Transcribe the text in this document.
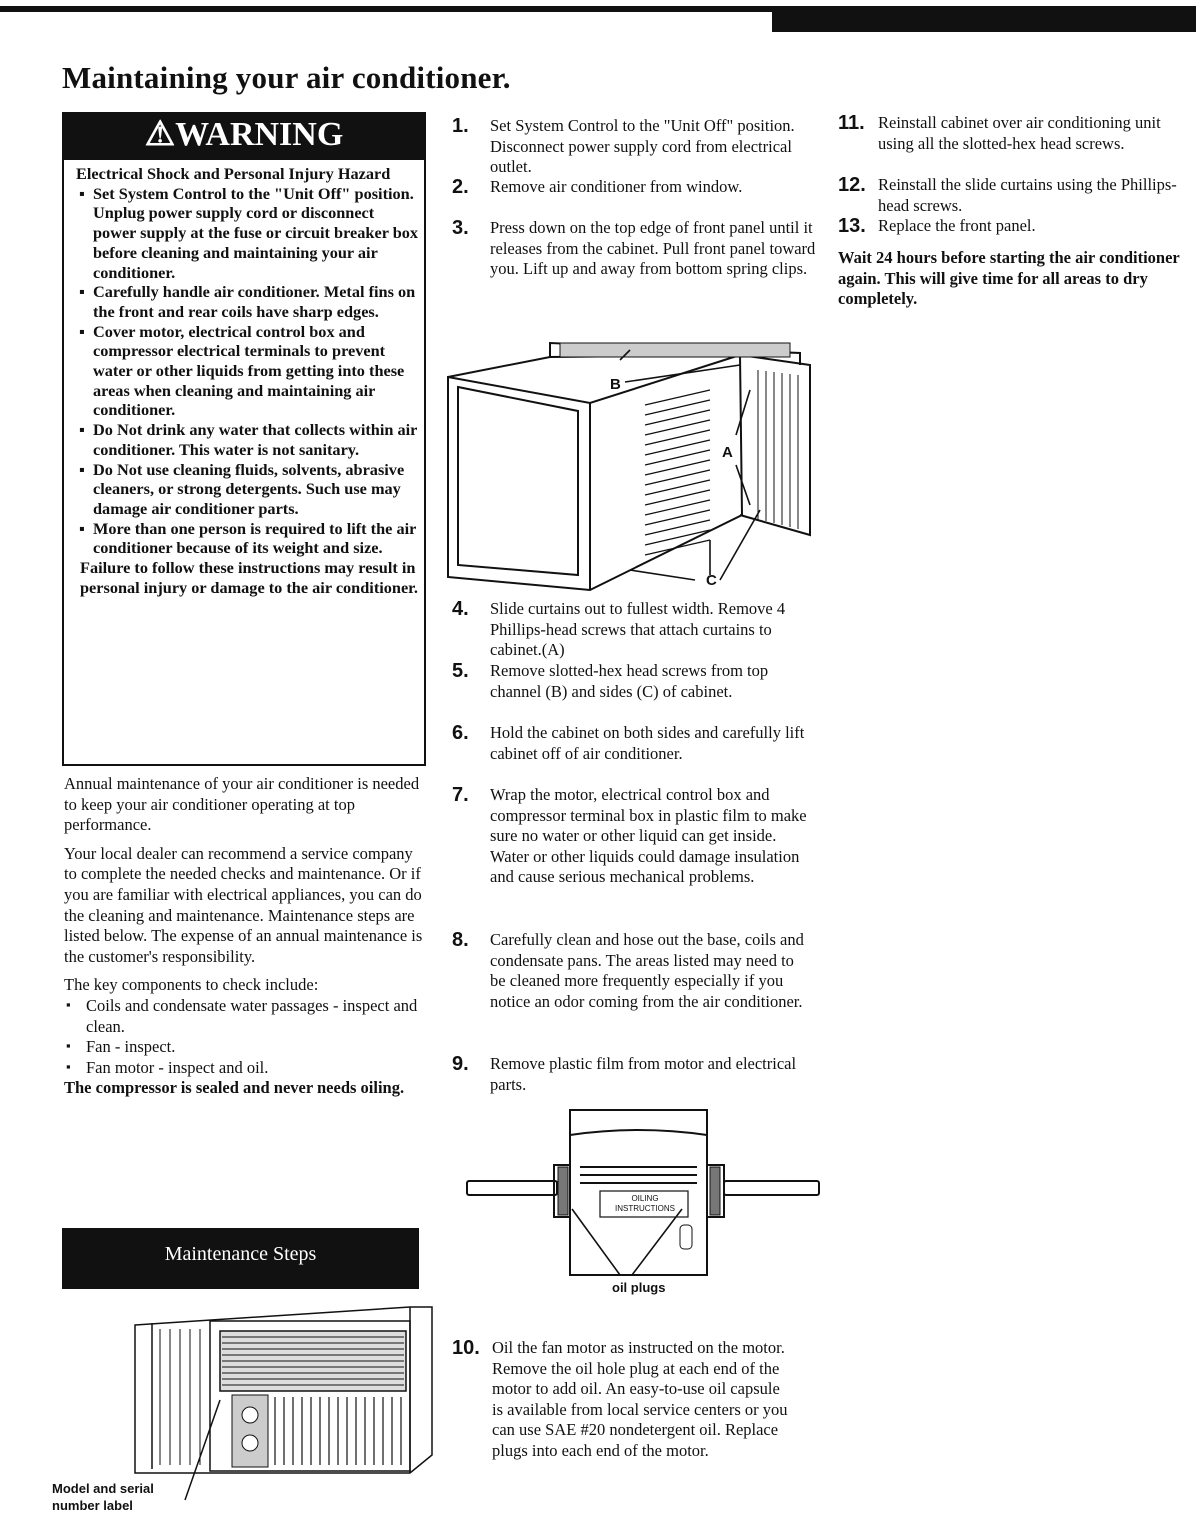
Maintaining your air conditioner.
⚠WARNING

Electrical Shock and Personal Injury Hazard

▪ Set System Control to the "Unit Off" position. Unplug power supply cord or disconnect power supply at the fuse or circuit breaker box before cleaning and maintaining your air conditioner.
▪ Carefully handle air conditioner. Metal fins on the front and rear coils have sharp edges.
▪ Cover motor, electrical control box and compressor electrical terminals to prevent water or other liquids from getting into these areas when cleaning and maintaining air conditioner.
▪ Do Not drink any water that collects within air conditioner. This water is not sanitary.
▪ Do Not use cleaning fluids, solvents, abrasive cleaners, or strong detergents. Such use may damage air conditioner parts.
▪ More than one person is required to lift the air conditioner because of its weight and size.

Failure to follow these instructions may result in personal injury or damage to the air conditioner.

Annual maintenance of your air conditioner is needed to keep your air conditioner operating at top performance.

Your local dealer can recommend a service company to complete the needed checks and maintenance. Or if you are familiar with electrical appliances, you can do the cleaning and maintenance. Maintenance steps are listed below. The expense of an annual maintenance is the customer's responsibility.

The key components to check include:

▪ Coils and condensate water passages - inspect and clean.
▪ Fan - inspect.
▪ Fan motor - inspect and oil.

The compressor is sealed and never needs oiling.

Maintenance Steps
Model and serial number label
1.	Set System Control to the "Unit Off" position. Disconnect power supply cord from electrical outlet.
2.	Remove air conditioner from window.
3.	Press down on the top edge of front panel until it releases from the cabinet. Pull front panel toward you. Lift up and away from bottom spring clips.
B
A
C
4.	Slide curtains out to fullest width. Remove 4 Phillips-head screws that attach curtains to cabinet.(A)
5.	Remove slotted-hex head screws from top channel (B) and sides (C) of cabinet.
6.	Hold the cabinet on both sides and carefully lift cabinet off of air conditioner.
7.	Wrap the motor, electrical control box and compressor terminal box in plastic film to make sure no water or other liquid can get inside. Water or other liquids could damage insulation and cause serious mechanical problems.
8.	Carefully clean and hose out the base, coils and condensate pans. The areas listed may need to be cleaned more frequently especially if you notice an odor coming from the air conditioner.
9.	Remove plastic film from motor and electrical parts.
OILING INSTRUCTIONS
oil plugs
10. Oil the fan motor as instructed on the motor. Remove the oil hole plug at each end of the motor to add oil. An easy-to-use oil capsule is available from local service centers or you can use SAE #20 nondetergent oil. Replace plugs into each end of the motor.
11. Reinstall cabinet over air conditioning unit using all the slotted-hex head screws.
12. Reinstall the slide curtains using the Phillips-head screws.
13. Replace the front panel.
Wait 24 hours before starting the air conditioner again. This will give time for all areas to dry completely.
